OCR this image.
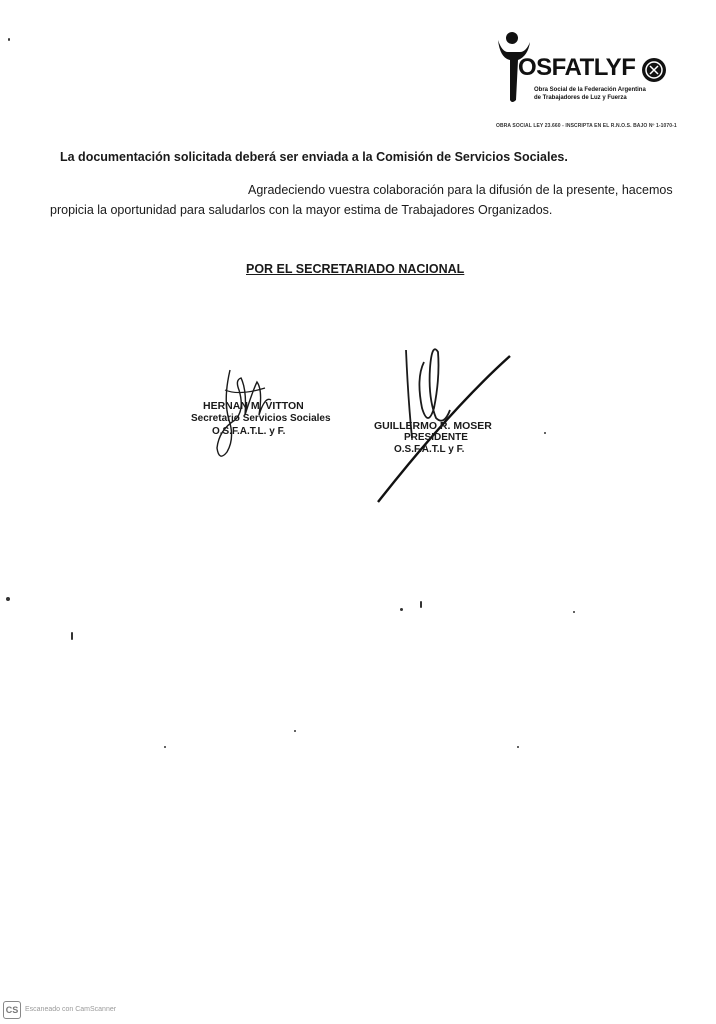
OSFATLYF
Obra Social de la Federación Argentina
de Trabajadores de Luz y Fuerza
OBRA SOCIAL LEY 23.660 - INSCRIPTA EN EL R.N.O.S. BAJO Nº 1-1070-1
La documentación solicitada deberá ser enviada a la Comisión de Servicios Sociales.
Agradeciendo vuestra colaboración para la difusión de la presente, hacemos
propicia la oportunidad para saludarlos con la mayor estima de Trabajadores Organizados.
POR EL SECRETARIADO NACIONAL
HERNAN M. VITTON
Secretario Servicios Sociales
O.S.F.A.T.L. y F.	GUILLERMO R. MOSER
PRESIDENTE
O.S.F.A.T.L y F.
CS Escaneado con CamScanner
